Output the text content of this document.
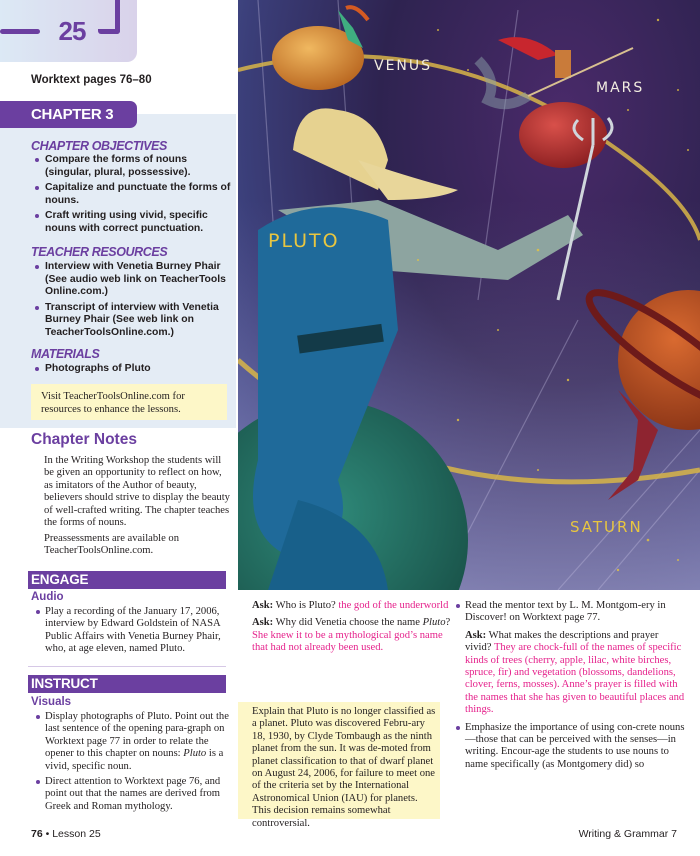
25
Worktext pages 76–80
CHAPTER 3
CHAPTER OBJECTIVES
Compare the forms of nouns (singular, plural, possessive).
Capitalize and punctuate the forms of nouns.
Craft writing using vivid, specific nouns with correct punctuation.
TEACHER RESOURCES
Interview with Venetia Burney Phair (See audio web link on TeacherTools Online.com.)
Transcript of interview with Venetia Burney Phair (See web link on TeacherToolsOnline.com.)
MATERIALS
Photographs of Pluto
Visit TeacherToolsOnline.com for resources to enhance the lessons.
Chapter Notes
In the Writing Workshop the students will be given an opportunity to reflect on how, as imitators of the Author of beauty, believers should strive to display the beauty of well-crafted writing. The chapter teaches the forms of nouns.
Preassessments are available on TeacherToolsOnline.com.
ENGAGE
Audio
Play a recording of the January 17, 2006, interview by Edward Goldstein of NASA Public Affairs with Venetia Burney Phair, who, at age eleven, named Pluto.
INSTRUCT
Visuals
Display photographs of Pluto. Point out the last sentence of the opening para-graph on Worktext page 77 in order to relate the opener to this chapter on nouns: Pluto is a vivid, specific noun.
Direct attention to Worktext page 76, and point out that the names are derived from Greek and Roman mythology.
VENUS
MARS
PLUTO
SATURN

Ask: Who is Pluto? the god of the underworld

Ask: Why did Venetia choose the name Pluto? She knew it to be a mythological god’s name that had not already been used.

Explain that Pluto is no longer classified as a planet. Pluto was discovered Febru-ary 18, 1930, by Clyde Tombaugh as the ninth planet from the sun. It was de-moted from planet classification to that of dwarf planet on August 24, 2006, for failure to meet one of the criteria set by the International Astronomical Union (IAU) for planets. This decision remains somewhat controversial.
Read the mentor text by L. M. Montgom-ery in Discover! on Worktext page 77.

Ask: What makes the descriptions and prayer vivid? They are chock-full of the names of specific kinds of trees (cherry, apple, lilac, white birches, spruce, fir) and vegetation (blossoms, dandelions, clover, ferns, mosses). Anne’s prayer is filled with the names that she has given to beautiful places and things.

Emphasize the importance of using con-crete nouns—those that can be perceived with the senses—in writing. Encour-age the students to use nouns to name specifically (as Montgomery did) so
76 • Lesson 25	Writing & Grammar 7
